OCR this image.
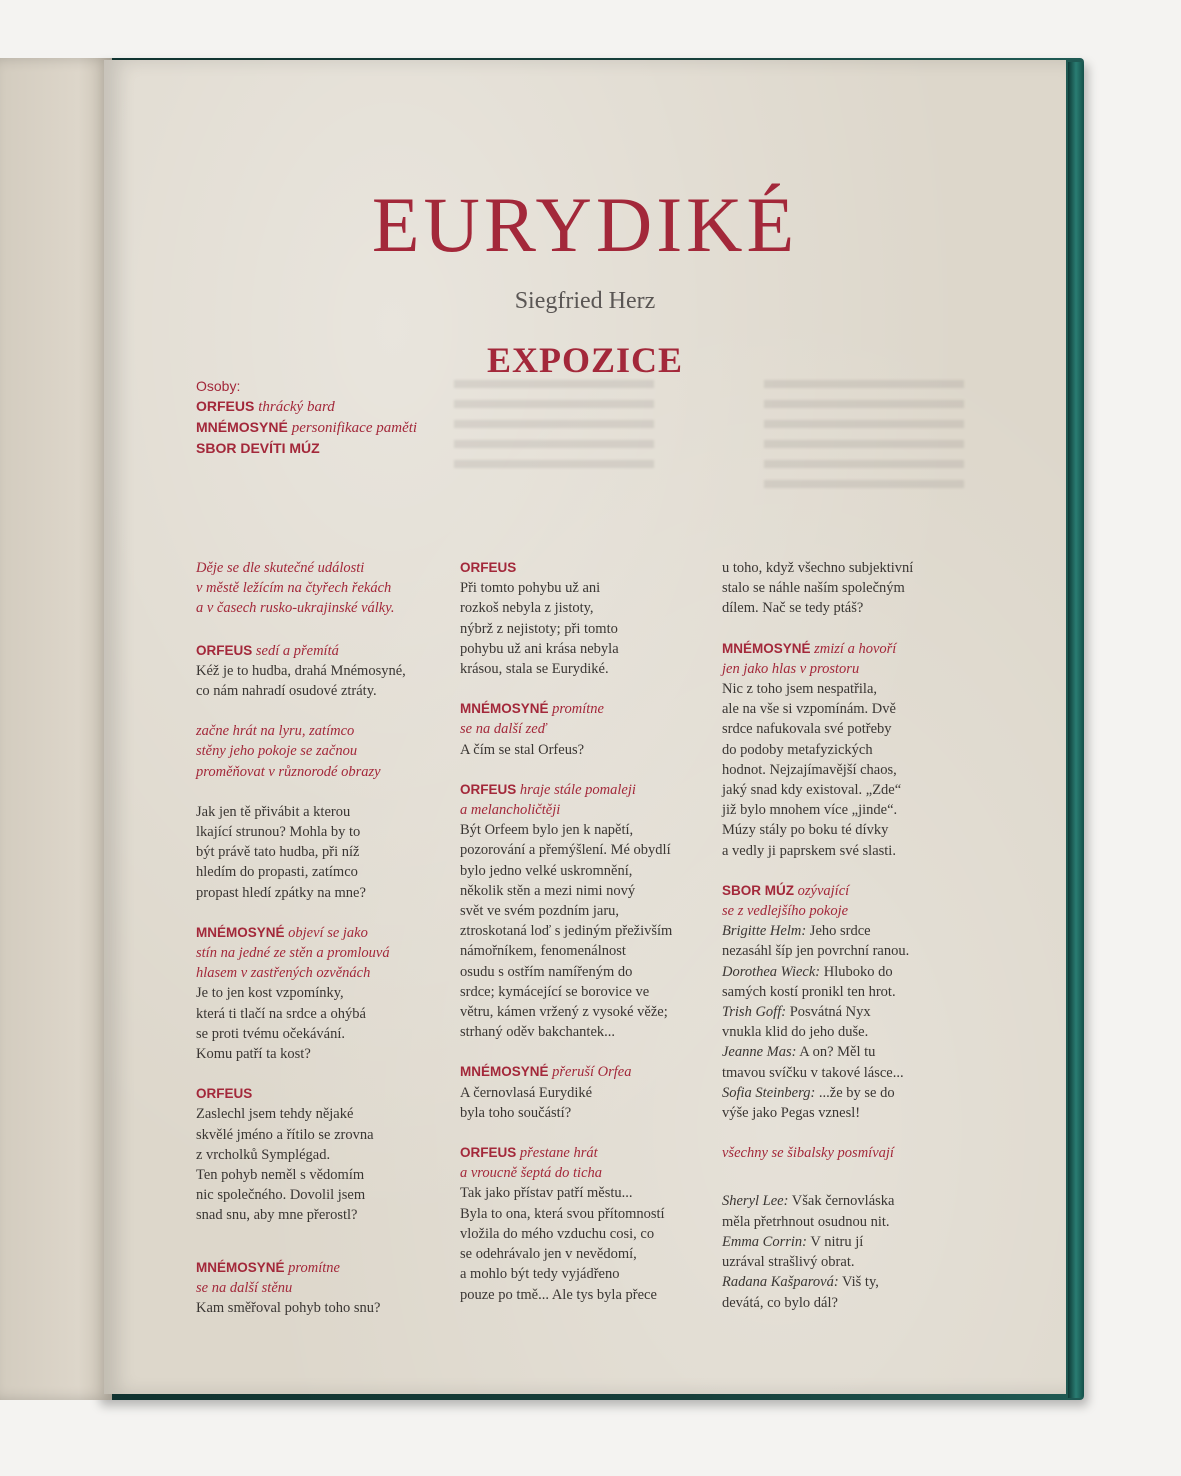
EURYDIKÉ

Siegfried Herz

EXPOZICE
Osoby:
ORFEUS thrácký bard
MNÉMOSYNÉ personifikace paměti
SBOR DEVÍTI MÚZ

Děje se dle skutečné události

v městě ležícím na čtyřech řekách

a v časech rusko-ukrajinské války.

ORFEUS sedí a přemítá

Kéž je to hudba, drahá Mnémosyné,

co nám nahradí osudové ztráty.

začne hrát na lyru, zatímco

stěny jeho pokoje se začnou

proměňovat v různorodé obrazy

Jak jen tě přivábit a kterou

lkající strunou? Mohla by to

být právě tato hudba, při níž

hledím do propasti, zatímco

propast hledí zpátky na mne?

MNÉMOSYNÉ objeví se jako

stín na jedné ze stěn a promlouvá

hlasem v zastřených ozvěnách

Je to jen kost vzpomínky,

která ti tlačí na srdce a ohýbá

se proti tvému očekávání.

Komu patří ta kost?

ORFEUS

Zaslechl jsem tehdy nějaké

skvělé jméno a řítilo se zrovna

z vrcholků Symplégad.

Ten pohyb neměl s vědomím

nic společného. Dovolil jsem

snad snu, aby mne přerostl?

MNÉMOSYNÉ promítne

se na další stěnu

Kam směřoval pohyb toho snu?

ORFEUS

Při tomto pohybu už ani

rozkoš nebyla z jistoty,

nýbrž z nejistoty; při tomto

pohybu už ani krása nebyla

krásou, stala se Eurydiké.

MNÉMOSYNÉ promítne

se na další zeď

A čím se stal Orfeus?

ORFEUS hraje stále pomaleji

a melancholičtěji

Být Orfeem bylo jen k napětí,

pozorování a přemýšlení. Mé obydlí

bylo jedno velké uskromnění,

několik stěn a mezi nimi nový

svět ve svém pozdním jaru,

ztroskotaná loď s jediným přeživším

námořníkem, fenomenálnost

osudu s ostřím namířeným do

srdce; kymácející se borovice ve

větru, kámen vržený z vysoké věže;

strhaný oděv bakchantek...

MNÉMOSYNÉ přeruší Orfea

A černovlasá Eurydiké

byla toho součástí?

ORFEUS přestane hrát

a vroucně šeptá do ticha

Tak jako přístav patří městu...

Byla to ona, která svou přítomností

vložila do mého vzduchu cosi, co

se odehrávalo jen v nevědomí,

a mohlo být tedy vyjádřeno

pouze po tmě... Ale tys byla přece

u toho, když všechno subjektivní

stalo se náhle naším společným

dílem. Nač se tedy ptáš?

MNÉMOSYNÉ zmizí a hovoří

jen jako hlas v prostoru

Nic z toho jsem nespatřila,

ale na vše si vzpomínám. Dvě

srdce nafukovala své potřeby

do podoby metafyzických

hodnot. Nejzajímavější chaos,

jaký snad kdy existoval. „Zde“

již bylo mnohem více „jinde“.

Múzy stály po boku té dívky

a vedly ji paprskem své slasti.

SBOR MÚZ ozývající

se z vedlejšího pokoje

Brigitte Helm: Jeho srdce

nezasáhl šíp jen povrchní ranou.

Dorothea Wieck: Hluboko do

samých kostí pronikl ten hrot.

Trish Goff: Posvátná Nyx

vnukla klid do jeho duše.

Jeanne Mas: A on? Měl tu

tmavou svíčku v takové lásce...

Sofia Steinberg: ...že by se do

výše jako Pegas vznesl!

všechny se šibalsky posmívají

Sheryl Lee: Však černovláska

měla přetrhnout osudnou nit.

Emma Corrin: V nitru jí

uzrával strašlivý obrat.

Radana Kašparová: Viš ty,

devátá, co bylo dál?
